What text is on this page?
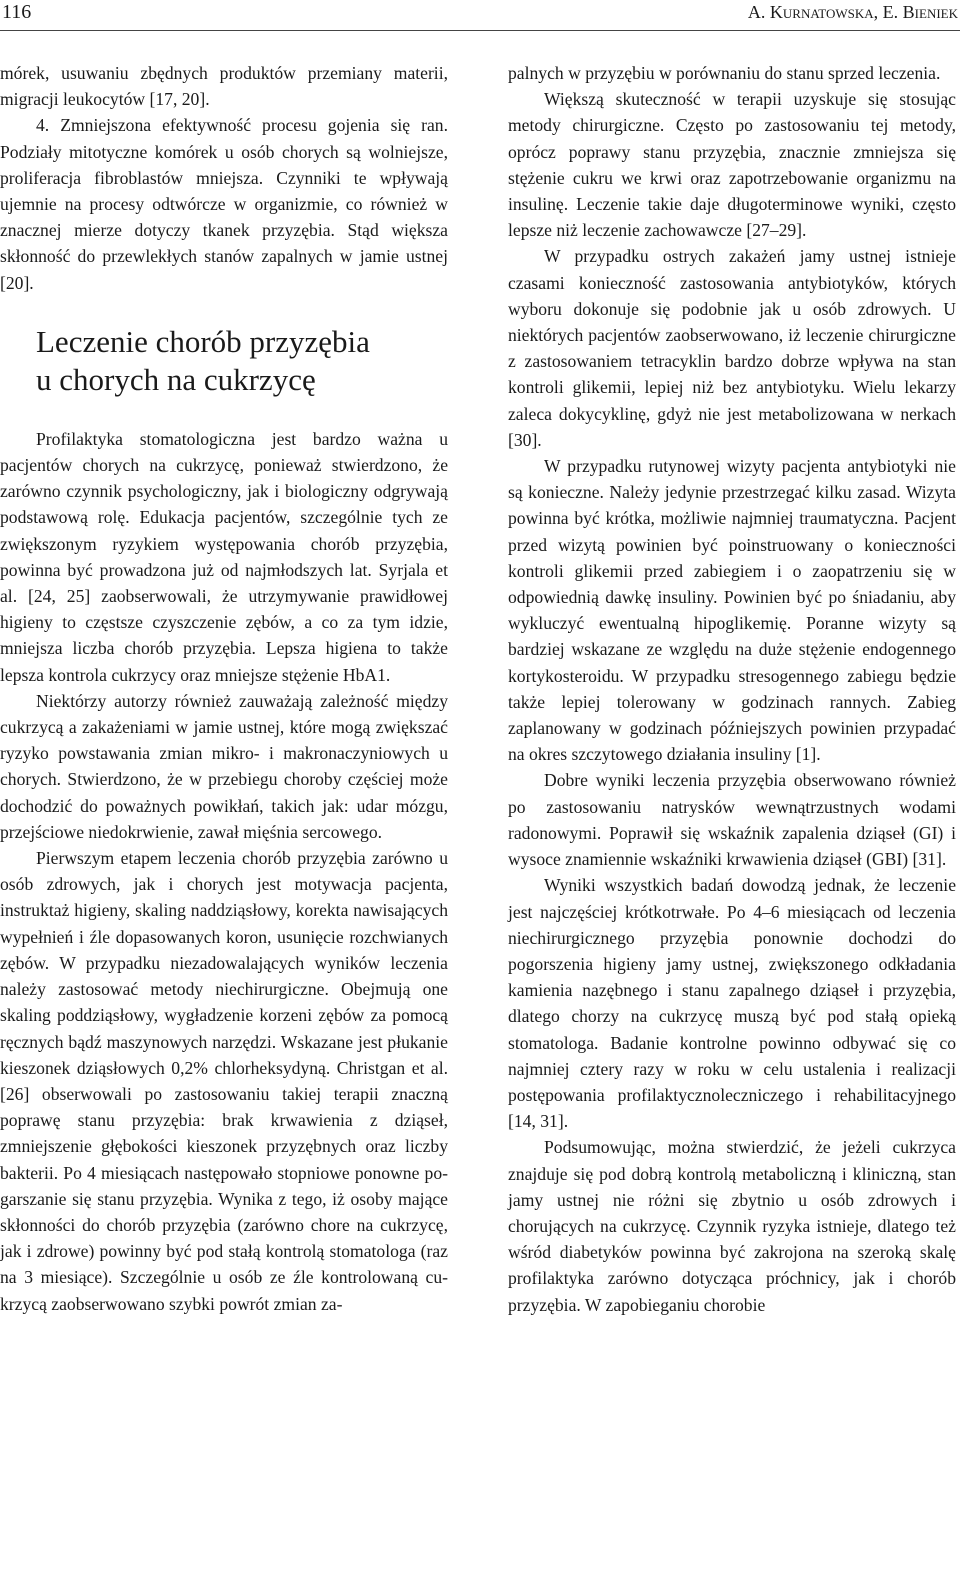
116	A. Kurnatowska, E. Bieniek

mórek, usuwaniu zbędnych produktów przemiany materii, migracji leukocytów [17, 20].

4. Zmniejszona efektywność procesu gojenia się ran. Podziały mitotyczne komórek u osób chorych są wolniejsze, proliferacja fibroblastów mniejsza. Czynniki te wpływają ujemnie na procesy odtwórcze w organizmie, co również w znacznej mierze dotyczy tkanek przyzębia. Stąd większa skłonność do przewlekłych stanów zapalnych w jamie ustnej [20].

Leczenie chorób przyzębia
u chorych na cukrzycę

Profilaktyka stomatologiczna jest bardzo ważna u pacjentów chorych na cukrzycę, ponieważ stwierdzono, że zarówno czynnik psychologiczny, jak i biologiczny odgrywają podstawową rolę. Edukacja pacjentów, szczególnie tych ze zwiększonym ryzykiem występowania chorób przyzębia, powinna być prowadzona już od najmłodszych lat. Syrjala et al. [24, 25] zaobserwowali, że utrzymywanie prawidłowej higieny to częstsze czyszczenie zębów, a co za tym idzie, mniejsza liczba chorób przyzębia. Lepsza higiena to także lepsza kontrola cukrzycy oraz mniejsze stężenie HbA1.

Niektórzy autorzy również zauważają zależność między cukrzycą a zakażeniami w jamie ustnej, które mogą zwiększać ryzyko powstawania zmian mikro- i makronaczyniowych u chorych. Stwierdzono, że w przebiegu choroby częściej może dochodzić do poważnych powikłań, takich jak: udar mózgu, przejściowe niedokrwienie, zawał mięśnia sercowego.

Pierwszym etapem leczenia chorób przyzębia zarówno u osób zdrowych, jak i chorych jest motywacja pacjenta, instruktaż higieny, skaling naddziąsłowy, korekta nawisających wypełnień i źle dopasowanych koron, usunięcie rozchwianych zębów. W przypadku niezadowalających wyników leczenia należy zastosować metody niechirurgiczne. Obejmują one skaling poddziąsłowy, wygładzenie korzeni zębów za pomocą ręcznych bądź maszynowych narzędzi. Wskazane jest płukanie kieszonek dziąsłowych 0,2% chlorheksydyną. Christgan et al. [26] obserwowali po zastosowaniu takiej terapii znaczną poprawę stanu przyzębia: brak krwawienia z dziąseł, zmniejszenie głębokości kieszonek przyzębnych oraz liczby bakterii. Po 4 miesiącach następowało stopniowe ponowne pogarszanie się stanu przyzębia. Wynika z tego, iż osoby mające skłonności do chorób przyzębia (zarówno chore na cukrzycę, jak i zdrowe) powinny być pod stałą kontrolą stomatologa (raz na 3 miesiące). Szczególnie u osób ze źle kontrolowaną cukrzycą zaobserwowano szybki powrót zmian za-

palnych w przyzębiu w porównaniu do stanu sprzed leczenia.

Większą skuteczność w terapii uzyskuje się stosując metody chirurgiczne. Często po zastosowaniu tej metody, oprócz poprawy stanu przyzębia, znacznie zmniejsza się stężenie cukru we krwi oraz zapotrzebowanie organizmu na insulinę. Leczenie takie daje długoterminowe wyniki, często lepsze niż leczenie zachowawcze [27–29].

W przypadku ostrych zakażeń jamy ustnej istnieje czasami konieczność zastosowania antybiotyków, których wyboru dokonuje się podobnie jak u osób zdrowych. U niektórych pacjentów zaobserwowano, iż leczenie chirurgiczne z zastosowaniem tetracyklin bardzo dobrze wpływa na stan kontroli glikemii, lepiej niż bez antybiotyku. Wielu lekarzy zaleca dokycyklinę, gdyż nie jest metabolizowana w nerkach [30].

W przypadku rutynowej wizyty pacjenta antybiotyki nie są konieczne. Należy jedynie przestrzegać kilku zasad. Wizyta powinna być krótka, możliwie najmniej traumatyczna. Pacjent przed wizytą powinien być poinstruowany o konieczności kontroli glikemii przed zabiegiem i o zaopatrzeniu się w odpowiednią dawkę insuliny. Powinien być po śniadaniu, aby wykluczyć ewentualną hipoglikemię. Poranne wizyty są bardziej wskazane ze względu na duże stężenie endogennego kortykosteroidu. W przypadku stresogennego zabiegu będzie także lepiej tolerowany w godzinach rannych. Zabieg zaplanowany w godzinach późniejszych powinien przypadać na okres szczytowego działania insuliny [1].

Dobre wyniki leczenia przyzębia obserwowano również po zastosowaniu natrysków wewnątrzustnych wodami radonowymi. Poprawił się wskaźnik zapalenia dziąseł (GI) i wysoce znamiennie wskaźniki krwawienia dziąseł (GBI) [31].

Wyniki wszystkich badań dowodzą jednak, że leczenie jest najczęściej krótkotrwałe. Po 4–6 miesiącach od leczenia niechirurgicznego przyzębia ponownie dochodzi do pogorszenia higieny jamy ustnej, zwiększonego odkładania kamienia nazębnego i stanu zapalnego dziąseł i przyzębia, dlatego chorzy na cukrzycę muszą być pod stałą opieką stomatologa. Badanie kontrolne powinno odbywać się co najmniej cztery razy w roku w celu ustalenia i realizacji postępowania profilaktycznoleczniczego i rehabilitacyjnego [14, 31].

Podsumowując, można stwierdzić, że jeżeli cukrzyca znajduje się pod dobrą kontrolą metaboliczną i kliniczną, stan jamy ustnej nie różni się zbytnio u osób zdrowych i chorujących na cukrzycę. Czynnik ryzyka istnieje, dlatego też wśród diabetyków powinna być zakrojona na szeroką skalę profilaktyka zarówno dotycząca próchnicy, jak i chorób przyzębia. W zapobieganiu chorobie
